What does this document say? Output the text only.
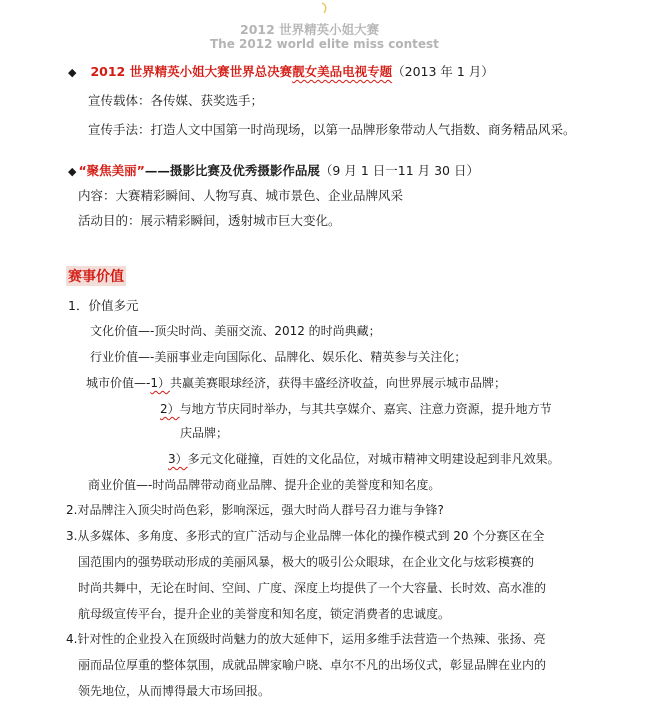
2012 世界精英小姐大赛
The 2012 world elite miss contest
◆ 2012 世界精英小姐大赛世界总决赛靓女美品电视专题（2013 年 1 月）
宣传载体：各传媒、获奖选手；
宣传手法：打造人文中国第一时尚现场，以第一品牌形象带动人气指数、商务精品风采。
◆ “聚焦美丽”——摄影比赛及优秀摄影作品展（9 月 1 日一11 月 30 日）
内容：大赛精彩瞬间、人物写真、城市景色、企业品牌风采
活动目的：展示精彩瞬间，透射城市巨大变化。
赛事价值
1．价值多元
文化价值—-顶尖时尚、美丽交流、2012 的时尚典藏；
行业价值—-美丽事业走向国际化、品牌化、娱乐化、精英参与关注化；
城市价值—-1）共赢美赛眼球经济，获得丰盛经济收益，向世界展示城市品牌；
2）与地方节庆同时举办，与其共享媒介、嘉宾、注意力资源，提升地方节
庆品牌；
3）多元文化碰撞，百姓的文化品位，对城市精神文明建设起到非凡效果。
商业价值—-时尚品牌带动商业品牌、提升企业的美誉度和知名度。
2.对品牌注入顶尖时尚色彩，影响深远，强大时尚人群号召力谁与争锋?
3.从多媒体、多角度、多形式的宣广活动与企业品牌一体化的操作模式到 20 个分赛区在全
国范围内的强势联动形成的美丽风暴，极大的吸引公众眼球，在企业文化与炫彩模赛的
时尚共舞中，无论在时间、空间、广度、深度上均提供了一个大容量、长时效、高水准的
航母级宣传平台，提升企业的美誉度和知名度，锁定消费者的忠诚度。
4.针对性的企业投入在顶级时尚魅力的放大延伸下，运用多维手法营造一个热辣、张扬、亮
丽而品位厚重的整体氛围，成就品牌家喻户晓、卓尔不凡的出场仪式，彰显品牌在业内的
领先地位，从而博得最大市场回报。
